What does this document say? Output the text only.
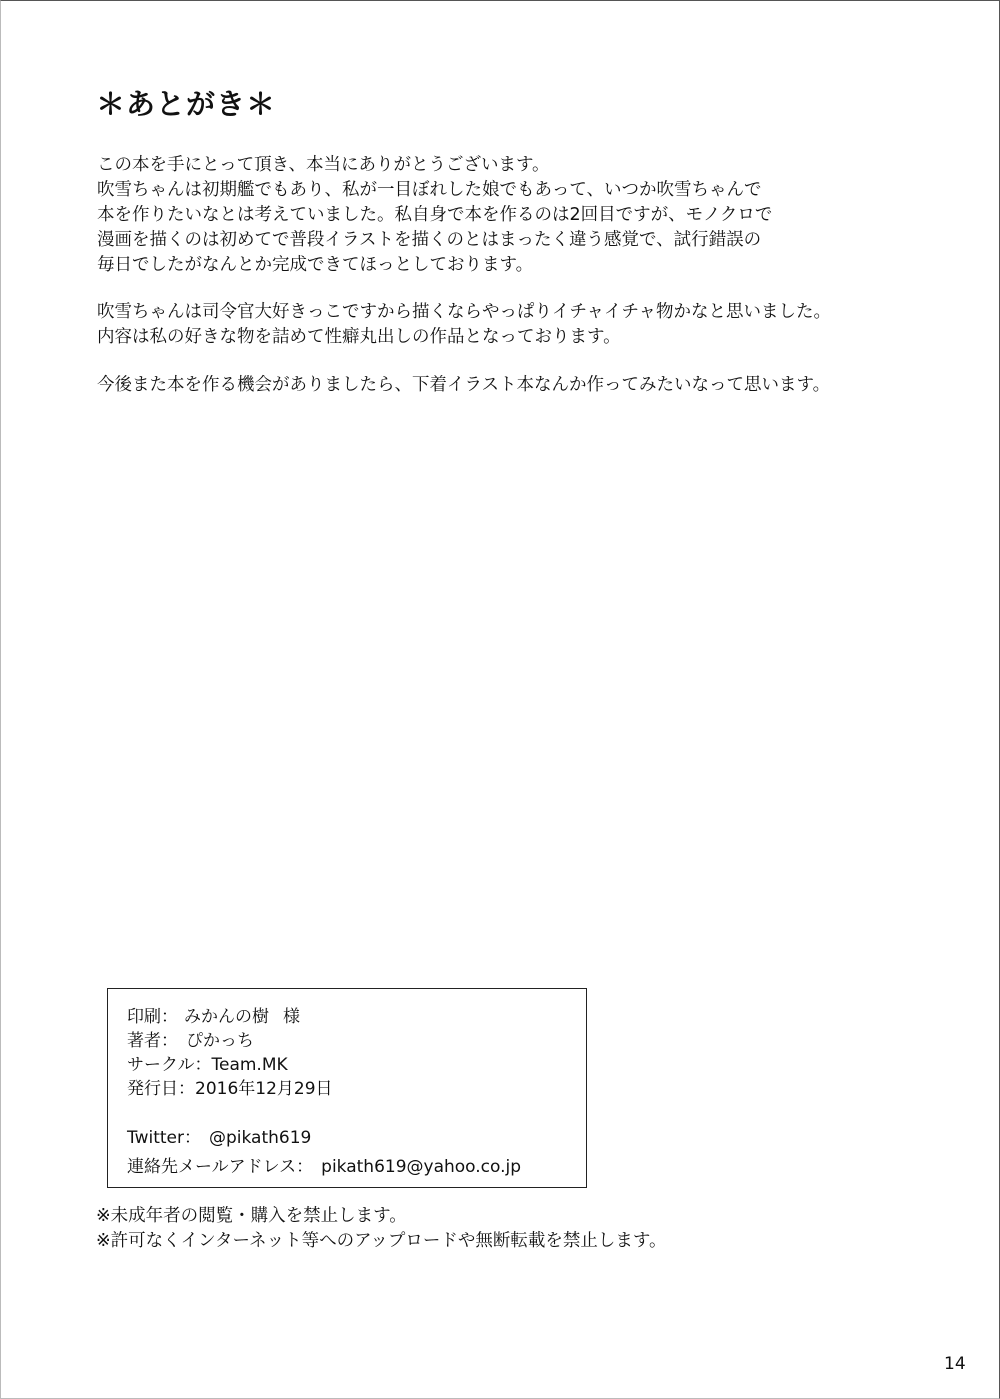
＊あとがき＊

この本を手にとって頂き、本当にありがとうございます。
吹雪ちゃんは初期艦でもあり、私が一目ぼれした娘でもあって、いつか吹雪ちゃんで
本を作りたいなとは考えていました。私自身で本を作るのは2回目ですが、モノクロで
漫画を描くのは初めてで普段イラストを描くのとはまったく違う感覚で、試行錯誤の
毎日でしたがなんとか完成できてほっとしております。

吹雪ちゃんは司令官大好きっこですから描くならやっぱりイチャイチャ物かなと思いました。
内容は私の好きな物を詰めて性癖丸出しの作品となっております。

今後また本を作る機会がありましたら、下着イラスト本なんか作ってみたいなって思います。

印刷： みかんの樹 様
著者： ぴかっち
サークル：Team.MK
発行日：2016年12月29日
Twitter： @pikath619
連絡先メールアドレス： pikath619@yahoo.co.jp
※未成年者の閲覧・購入を禁止します。
※許可なくインターネット等へのアップロードや無断転載を禁止します。
14
